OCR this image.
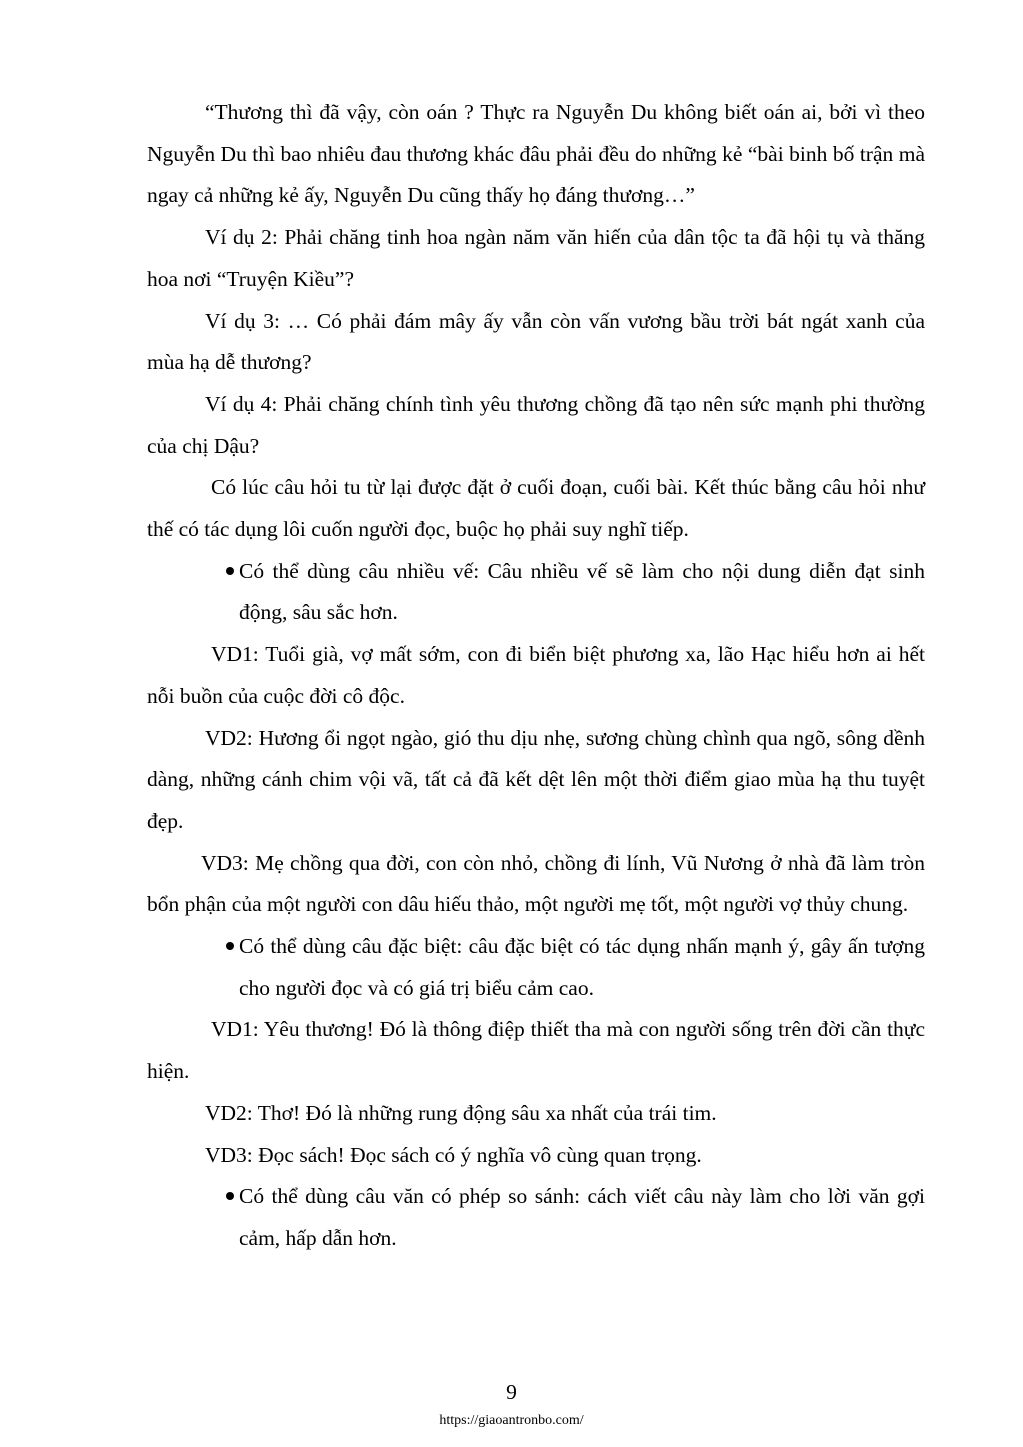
“Thương thì đã vậy, còn oán ? Thực ra Nguyễn Du không biết oán ai, bởi vì theo Nguyễn Du thì bao nhiêu đau thương khác đâu phải đều do những kẻ “bài binh bố trận mà ngay cả những kẻ ấy, Nguyễn Du cũng thấy họ đáng thương…”

Ví dụ 2: Phải chăng tinh hoa ngàn năm văn hiến của dân tộc ta đã hội tụ và thăng hoa nơi “Truyện Kiều”?

Ví dụ 3: … Có phải đám mây ấy vẫn còn vấn vương bầu trời bát ngát xanh của mùa hạ dễ thương?

Ví dụ 4: Phải chăng chính tình yêu thương chồng đã tạo nên sức mạnh phi thường của chị Dậu?

Có lúc câu hỏi tu từ lại được đặt ở cuối đoạn, cuối bài. Kết thúc bằng câu hỏi như thế có tác dụng lôi cuốn người đọc, buộc họ phải suy nghĩ tiếp.

Có thể dùng câu nhiều vế: Câu nhiều vế sẽ làm cho nội dung diễn đạt sinh động, sâu sắc hơn.

VD1: Tuổi già, vợ mất sớm, con đi biển biệt phương xa, lão Hạc hiểu hơn ai hết nỗi buồn của cuộc đời cô độc.

VD2: Hương ổi ngọt ngào, gió thu dịu nhẹ, sương chùng chình qua ngõ, sông dềnh dàng, những cánh chim vội vã, tất cả đã kết dệt lên một thời điểm giao mùa hạ thu tuyệt đẹp.

VD3: Mẹ chồng qua đời, con còn nhỏ, chồng đi lính, Vũ Nương ở nhà đã làm tròn bổn phận của một người con dâu hiếu thảo, một người mẹ tốt, một người vợ thủy chung.

Có thể dùng câu đặc biệt: câu đặc biệt có tác dụng nhấn mạnh ý, gây ấn tượng cho người đọc và có giá trị biểu cảm cao.

VD1: Yêu thương! Đó là thông điệp thiết tha mà con người sống trên đời cần thực hiện.

VD2: Thơ! Đó là những rung động sâu xa nhất của trái tim.

VD3: Đọc sách! Đọc sách có ý nghĩa vô cùng quan trọng.

Có thể dùng câu văn có phép so sánh: cách viết câu này làm cho lời văn gợi cảm, hấp dẫn hơn.
9
https://giaoantronbo.com/
